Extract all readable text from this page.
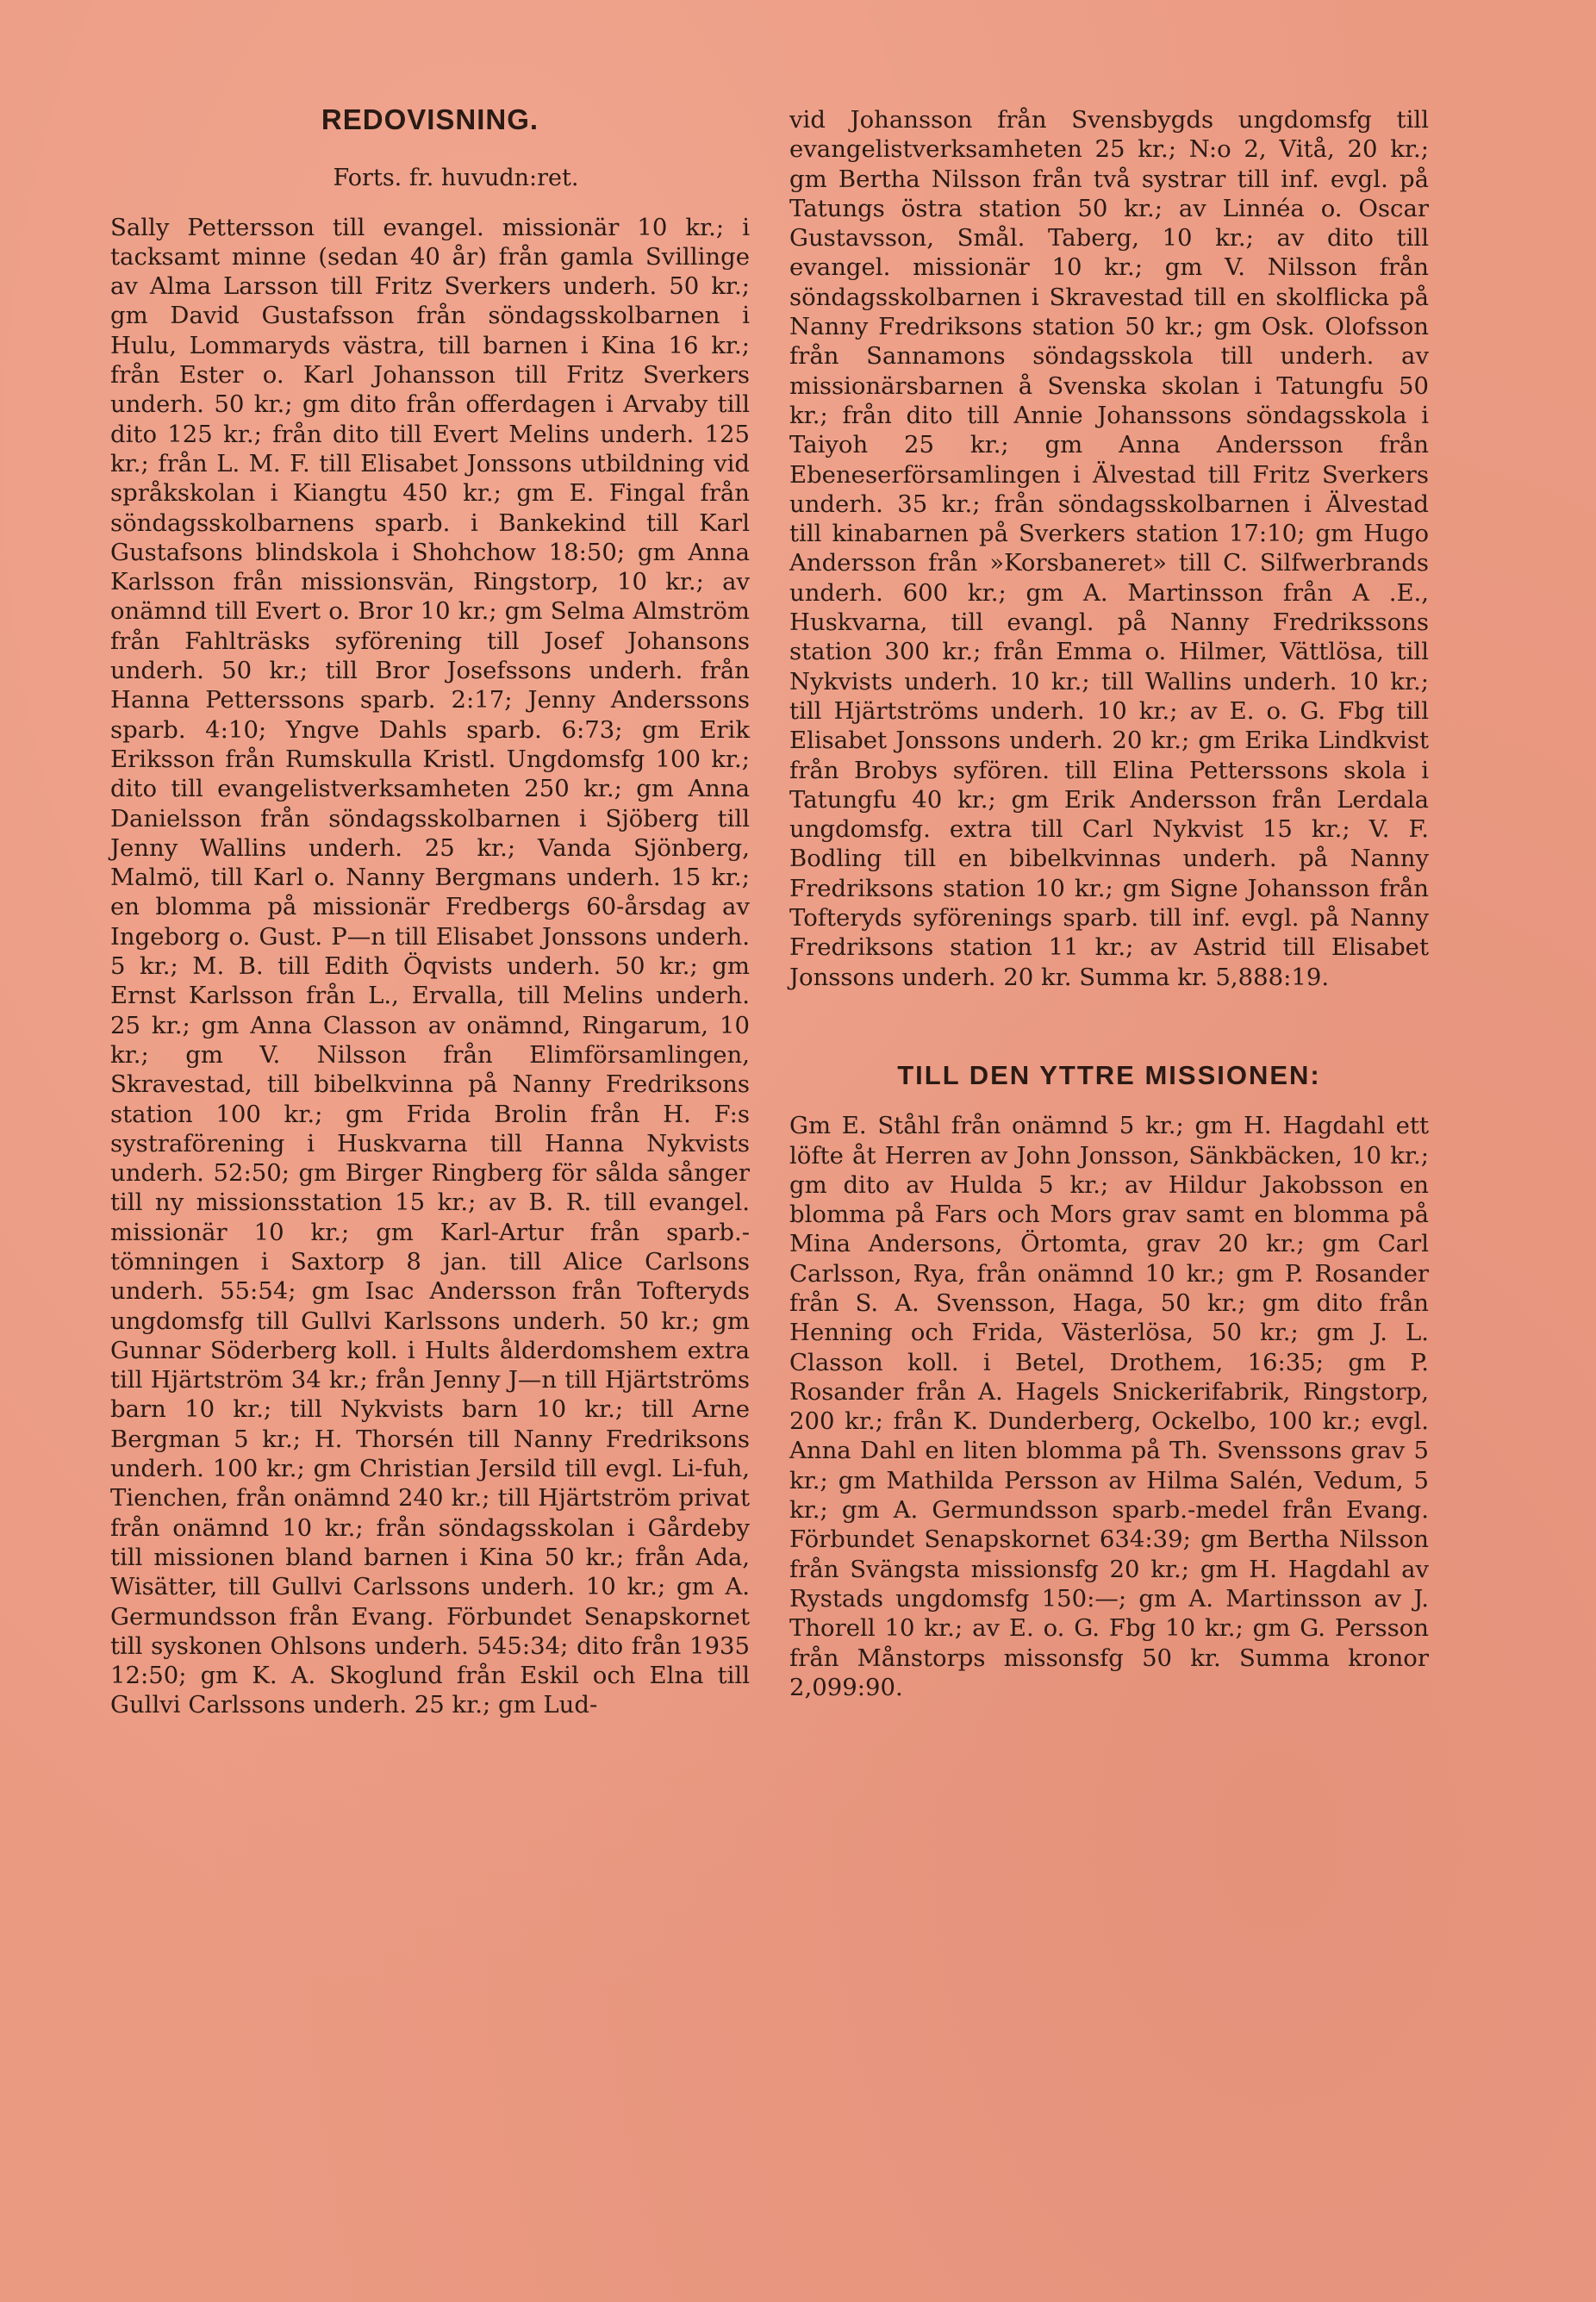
REDOVISNING.

Forts. fr. huvudn:ret.

Sally Pettersson till evangel. missionär 10 kr.; i tacksamt minne (sedan 40 år) från gamla Svillinge av Alma Larsson till Fritz Sverkers underh. 50 kr.; gm David Gustafsson från söndagsskolbarnen i Hulu, Lommaryds västra, till barnen i Kina 16 kr.; från Ester o. Karl Johansson till Fritz Sverkers underh. 50 kr.; gm dito från offerdagen i Arvaby till dito 125 kr.; från dito till Evert Melins underh. 125 kr.; från L. M. F. till Elisabet Jonssons utbildning vid språkskolan i Kiangtu 450 kr.; gm E. Fingal från söndagsskolbarnens sparb. i Bankekind till Karl Gustafsons blindskola i Shohchow 18:50; gm Anna Karlsson från missionsvän, Ringstorp, 10 kr.; av onämnd till Evert o. Bror 10 kr.; gm Selma Almström från Fahlträsks syförening till Josef Johansons underh. 50 kr.; till Bror Josefssons underh. från Hanna Petterssons sparb. 2:17; Jenny Anderssons sparb. 4:10; Yngve Dahls sparb. 6:73; gm Erik Eriksson från Rumskulla Kristl. Ungdomsfg 100 kr.; dito till evangelistverksamheten 250 kr.; gm Anna Danielsson från söndagsskolbarnen i Sjöberg till Jenny Wallins underh. 25 kr.; Vanda Sjönberg, Malmö, till Karl o. Nanny Bergmans underh. 15 kr.; en blomma på missionär Fredbergs 60-årsdag av Ingeborg o. Gust. P—n till Elisabet Jonssons underh. 5 kr.; M. B. till Edith Öqvists underh. 50 kr.; gm Ernst Karlsson från L., Ervalla, till Melins underh. 25 kr.; gm Anna Classon av onämnd, Ringarum, 10 kr.; gm V. Nilsson från Elimförsamlingen, Skravestad, till bibelkvinna på Nanny Fredriksons station 100 kr.; gm Frida Brolin från H. F:s systraförening i Huskvarna till Hanna Nykvists underh. 52:50; gm Birger Ringberg för sålda sånger till ny missionsstation 15 kr.; av B. R. till evangel. missionär 10 kr.; gm Karl-Artur från sparb.-tömningen i Saxtorp 8 jan. till Alice Carlsons underh. 55:54; gm Isac Andersson från Tofteryds ungdomsfg till Gullvi Karlssons underh. 50 kr.; gm Gunnar Söderberg koll. i Hults ålderdomshem extra till Hjärtström 34 kr.; från Jenny J—n till Hjärtströms barn 10 kr.; till Nykvists barn 10 kr.; till Arne Bergman 5 kr.; H. Thorsén till Nanny Fredriksons underh. 100 kr.; gm Christian Jersild till evgl. Li-fuh, Tienchen, från onämnd 240 kr.; till Hjärtström privat från onämnd 10 kr.; från söndagsskolan i Gårdeby till missionen bland barnen i Kina 50 kr.; från Ada, Wisätter, till Gullvi Carlssons underh. 10 kr.; gm A. Germundsson från Evang. Förbundet Senapskornet till syskonen Ohlsons underh. 545:34; dito från 1935 12:50; gm K. A. Skoglund från Eskil och Elna till Gullvi Carlssons underh. 25 kr.; gm Lud-

vid Johansson från Svensbygds ungdomsfg till evangelistverksamheten 25 kr.; N:o 2, Vitå, 20 kr.; gm Bertha Nilsson från två systrar till inf. evgl. på Tatungs östra station 50 kr.; av Linnéa o. Oscar Gustavsson, Smål. Taberg, 10 kr.; av dito till evangel. missionär 10 kr.; gm V. Nilsson från söndagsskolbarnen i Skravestad till en skolflicka på Nanny Fredriksons station 50 kr.; gm Osk. Olofsson från Sannamons söndagsskola till underh. av missionärsbarnen å Svenska skolan i Tatungfu 50 kr.; från dito till Annie Johanssons söndagsskola i Taiyoh 25 kr.; gm Anna Andersson från Ebeneserförsamlingen i Älvestad till Fritz Sverkers underh. 35 kr.; från söndagsskolbarnen i Älvestad till kinabarnen på Sverkers station 17:10; gm Hugo Andersson från »Korsbaneret» till C. Silfwerbrands underh. 600 kr.; gm A. Martinsson från A .E., Huskvarna, till evangl. på Nanny Fredrikssons station 300 kr.; från Emma o. Hilmer, Vättlösa, till Nykvists underh. 10 kr.; till Wallins underh. 10 kr.; till Hjärtströms underh. 10 kr.; av E. o. G. Fbg till Elisabet Jonssons underh. 20 kr.; gm Erika Lindkvist från Brobys syfören. till Elina Petterssons skola i Tatungfu 40 kr.; gm Erik Andersson från Lerdala ungdomsfg. extra till Carl Nykvist 15 kr.; V. F. Bodling till en bibelkvinnas underh. på Nanny Fredriksons station 10 kr.; gm Signe Johansson från Tofteryds syförenings sparb. till inf. evgl. på Nanny Fredriksons station 11 kr.; av Astrid till Elisabet Jonssons underh. 20 kr. Summa kr. 5,888:19.

TILL DEN YTTRE MISSIONEN:

Gm E. Ståhl från onämnd 5 kr.; gm H. Hagdahl ett löfte åt Herren av John Jonsson, Sänkbäcken, 10 kr.; gm dito av Hulda 5 kr.; av Hildur Jakobsson en blomma på Fars och Mors grav samt en blomma på Mina Andersons, Örtomta, grav 20 kr.; gm Carl Carlsson, Rya, från onämnd 10 kr.; gm P. Rosander från S. A. Svensson, Haga, 50 kr.; gm dito från Henning och Frida, Västerlösa, 50 kr.; gm J. L. Classon koll. i Betel, Drothem, 16:35; gm P. Rosander från A. Hagels Snickerifabrik, Ringstorp, 200 kr.; från K. Dunderberg, Ockelbo, 100 kr.; evgl. Anna Dahl en liten blomma på Th. Svenssons grav 5 kr.; gm Mathilda Persson av Hilma Salén, Vedum, 5 kr.; gm A. Germundsson sparb.-medel från Evang. Förbundet Senapskornet 634:39; gm Bertha Nilsson från Svängsta missionsfg 20 kr.; gm H. Hagdahl av Rystads ungdomsfg 150:—; gm A. Martinsson av J. Thorell 10 kr.; av E. o. G. Fbg 10 kr.; gm G. Persson från Månstorps missonsfg 50 kr. Summa kronor 2,099:90.
